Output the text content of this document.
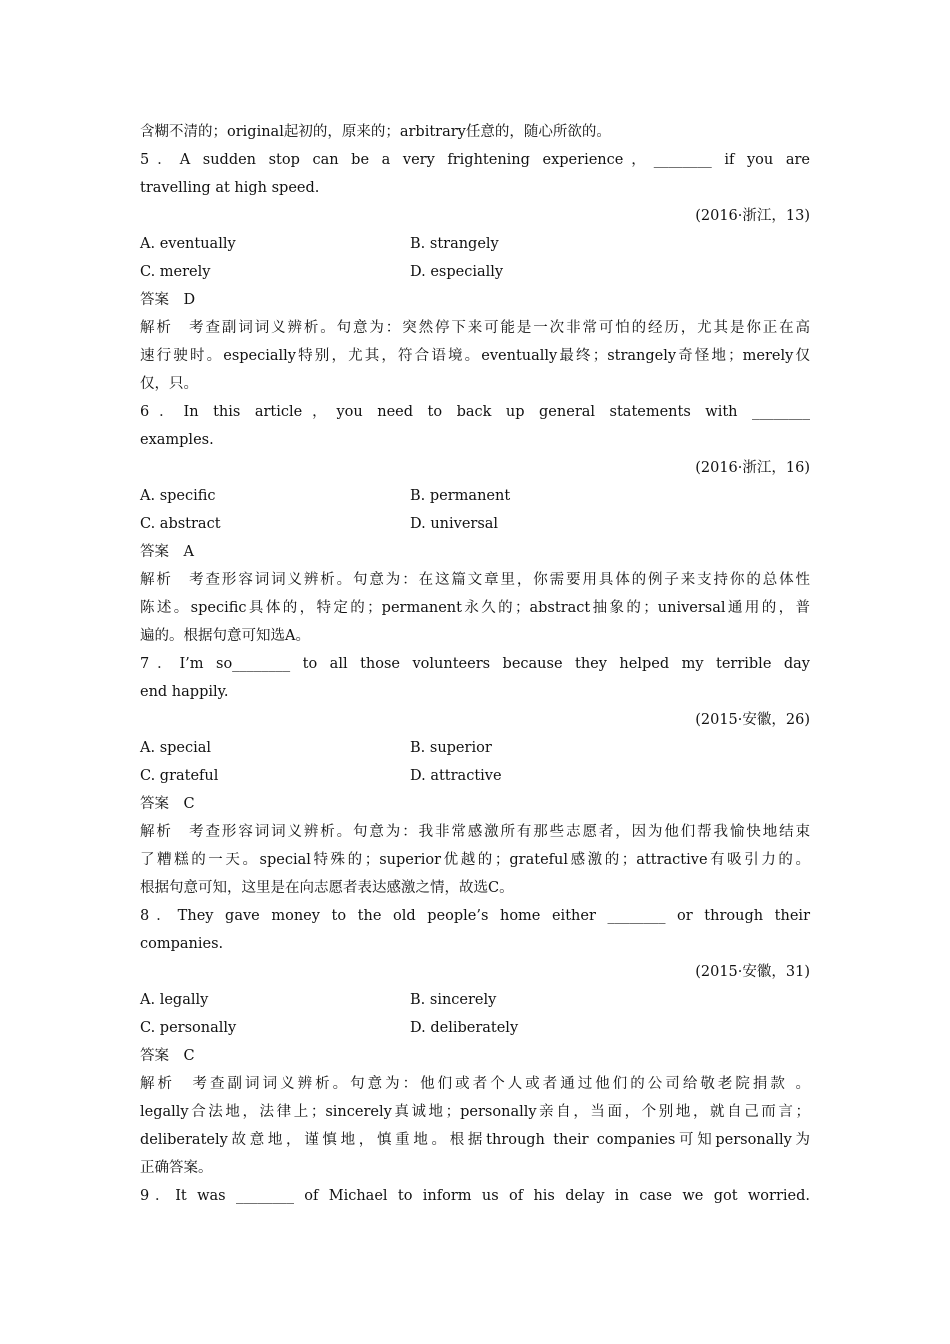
含糊不清的；original起初的，原来的；arbitrary任意的，随心所欲的。
5．A sudden stop can be a very frightening experience，________ if you are
travelling at high speed.
(2016·浙江，13)
A. eventually	B. strangely
C. merely	D. especially
答案　D
解析　考查副词词义辨析。句意为：突然停下来可能是一次非常可怕的经历，尤其是你正在高
速行驶时。especially特别，尤其，符合语境。eventually最终；strangely奇怪地；merely仅
仅，只。
6．In this article，you need to back up general statements with ________
examples.
(2016·浙江，16)
A. specific	B. permanent
C. abstract	D. universal
答案　A
解析　考查形容词词义辨析。句意为：在这篇文章里，你需要用具体的例子来支持你的总体性
陈述。specific具体的，特定的；permanent永久的；abstract抽象的；universal通用的，普
遍的。根据句意可知选A。
7．I’m so________ to all those volunteers because they helped my terrible day
end happily.
(2015·安徽，26)
A. special	B. superior
C. grateful	D. attractive
答案　C
解析　考查形容词词义辨析。句意为：我非常感激所有那些志愿者，因为他们帮我愉快地结束
了糟糕的一天。special特殊的；superior优越的；grateful感激的；attractive有吸引力的。
根据句意可知，这里是在向志愿者表达感激之情，故选C。
8．They gave money to the old people’s home either ________ or through their
companies.
(2015·安徽，31)
A. legally	B. sincerely
C. personally	D. deliberately
答案　C
解析　考查副词词义辨析。句意为：他们或者个人或者通过他们的公司给敬老院捐款 。
legally合法地，法律上；sincerely真诚地；personally亲自，当面，个别地，就自己而言；
deliberately故意地，谨慎地，慎重地。根据through their companies可知personally为
正确答案。
9．It was ________ of Michael to inform us of his delay in case we got worried.
